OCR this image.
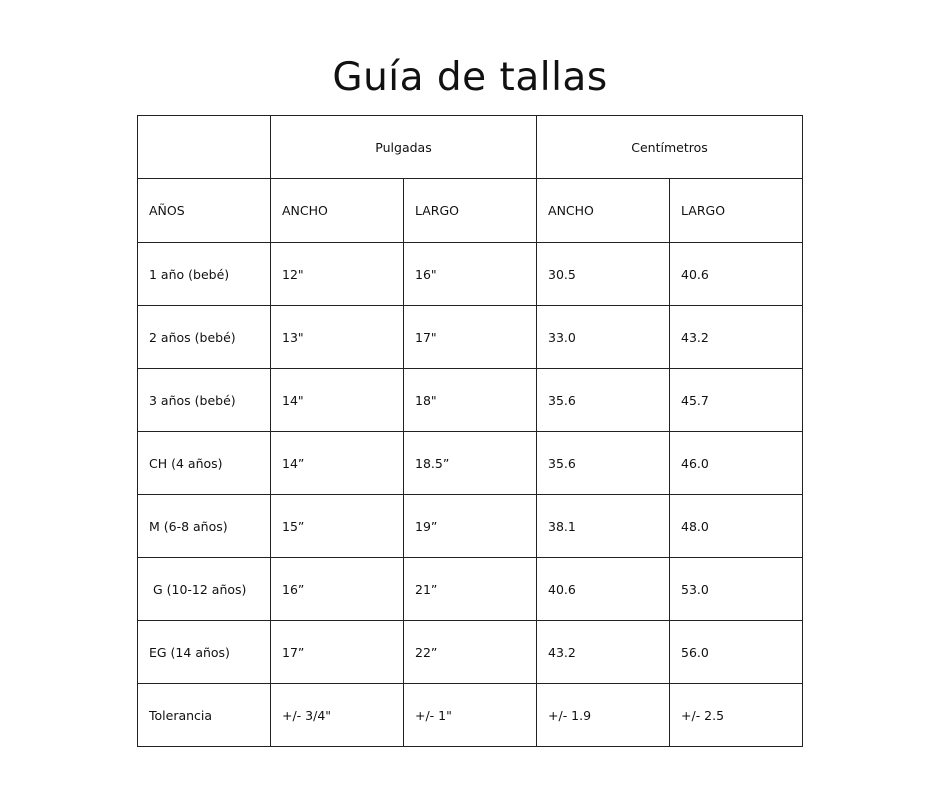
Guía de tallas
	Pulgadas		Centímetros	
AÑOS	ANCHO	LARGO	ANCHO	LARGO
1 año (bebé)	12"	16"	30.5	40.6
2 años (bebé)	13"	17"	33.0	43.2
3 años (bebé)	14"	18"	35.6	45.7
CH (4 años)	14”	18.5”	35.6	46.0
M (6-8 años)	15”	19”	38.1	48.0
G (10-12 años)	16”	21”	40.6	53.0
EG (14 años)	17”	22”	43.2	56.0
Tolerancia	+/- 3/4"	+/- 1"	+/- 1.9	+/- 2.5
